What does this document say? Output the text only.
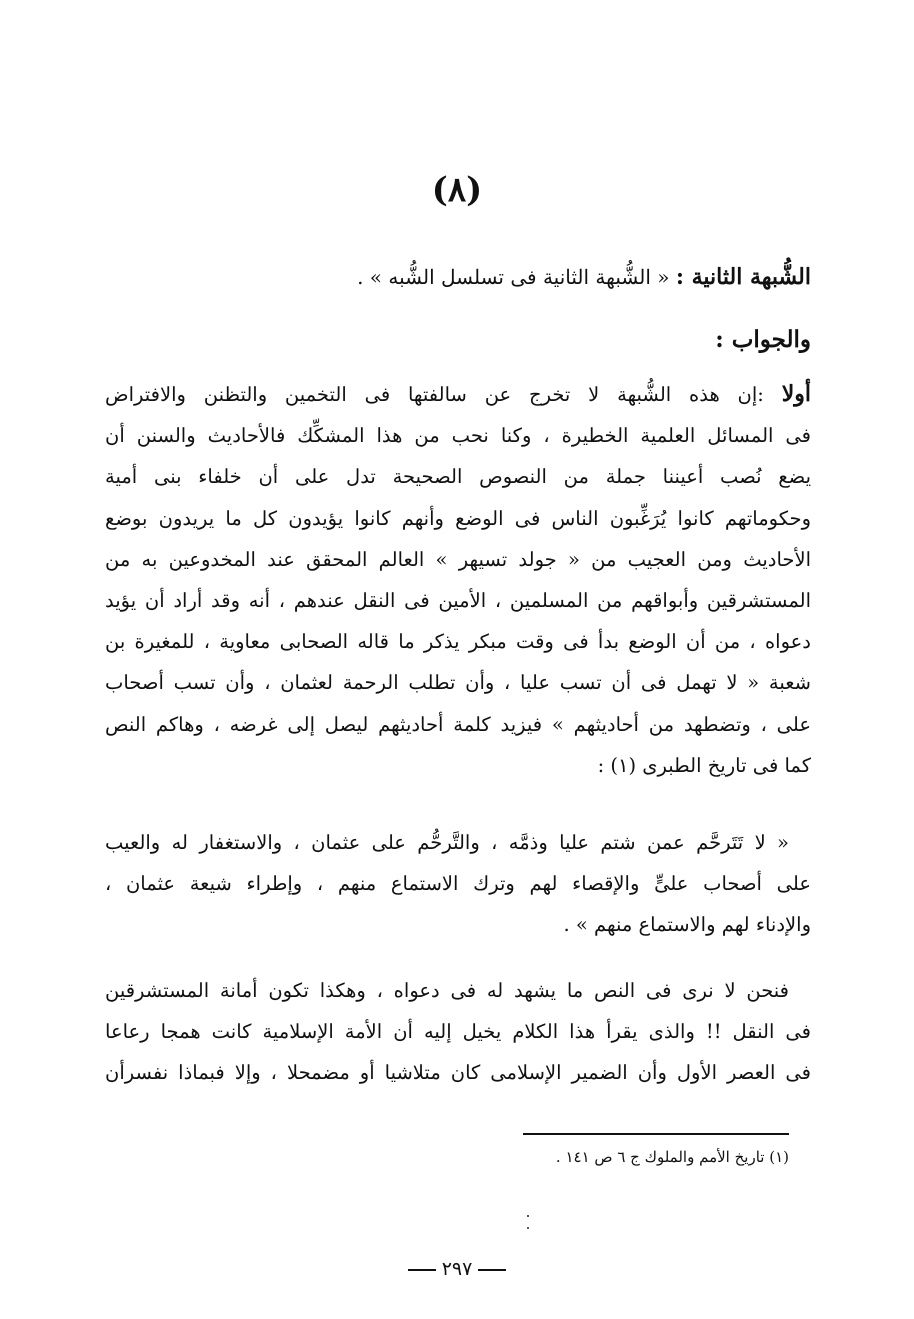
(٨)
الشُّبهة الثانية : « الشُّبهة الثانية فى تسلسل الشُّبه » .
والجواب :
أولا :إن هذه الشُّبهة لا تخرج عن سالفتها فى التخمين والتظنن والافتراض
فى المسائل العلمية الخطيرة ، وكنا نحب من هذا المشكِّك فالأحاديث والسنن أن
يضع نُصب أعيننا جملة من النصوص الصحيحة تدل على أن خلفاء بنى أمية
وحكوماتهم كانوا يُرَغِّبون الناس فى الوضع وأنهم كانوا يؤيدون كل ما يريدون بوضع
الأحاديث ومن العجيب من « جولد تسيهر » العالم المحقق عند المخدوعين به من
المستشرقين وأبواقهم من المسلمين ، الأمين فى النقل عندهم ، أنه وقد أراد أن يؤيد
دعواه ، من أن الوضع بدأ فى وقت مبكر يذكر ما قاله الصحابى معاوية ، للمغيرة بن
شعبة « لا تهمل فى أن تسب عليا ، وأن تطلب الرحمة لعثمان ، وأن تسب أصحاب
على ، وتضطهد من أحاديثهم » فيزيد كلمة أحاديثهم ليصل إلى غرضه ، وهاكم النص
كما فى تاريخ الطبرى (١) :
« لا تَتَرحَّم عمن شتم عليا وذمَّه ، والتَّرحُّم على عثمان ، والاستغفار له والعيب
على أصحاب علىٍّ والإقصاء لهم وترك الاستماع منهم ، وإطراء شيعة عثمان ،
والإدناء لهم والاستماع منهم » .
فنحن لا نرى فى النص ما يشهد له فى دعواه ، وهكذا تكون أمانة المستشرقين
فى النقل !! والذى يقرأ هذا الكلام يخيل إليه أن الأمة الإسلامية كانت همجا رعاعا
فى العصر الأول وأن الضمير الإسلامى كان متلاشيا أو مضمحلا ، وإلا فبماذا نفسرأن
(١) تاريخ الأمم والملوك ج ٦ ص ١٤١ .
٢٩٧
